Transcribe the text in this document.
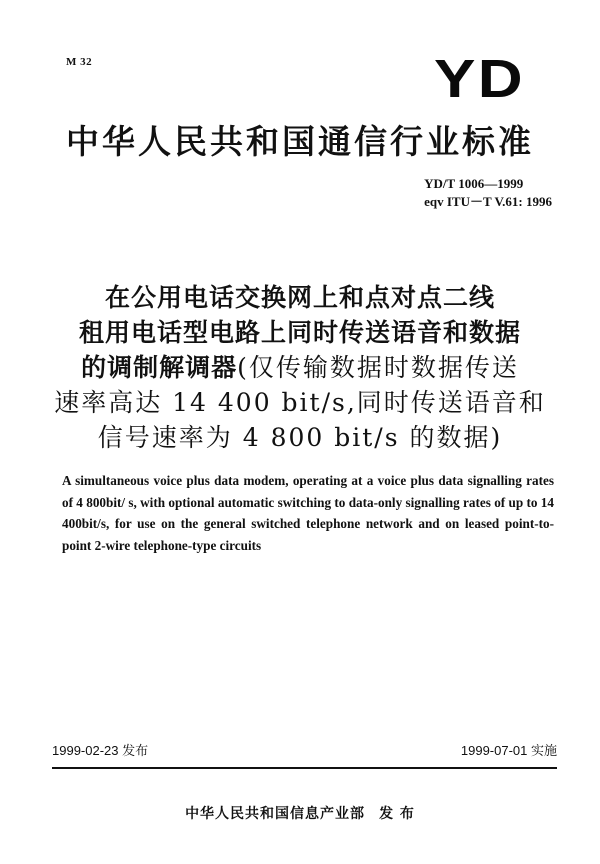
M 32	YD
中华人民共和国通信行业标准
YD/T 1006—1999
eqv ITU－T V.61: 1996
在公用电话交换网上和点对点二线
租用电话型电路上同时传送语音和数据
的调制解调器(仅传输数据时数据传送
速率高达 14 400 bit/s,同时传送语音和
信号速率为 4 800 bit/s 的数据)
A simultaneous voice plus data modem, operating at a voice plus data signalling rates of 4 800bit/ s, with optional automatic switching to data-only signalling rates of up to 14 400bit/s, for use on the general switched telephone network and on leased point-to-point 2-wire telephone-type circuits
1999-02-23 发布	1999-07-01 实施
中华人民共和国信息产业部 发 布
